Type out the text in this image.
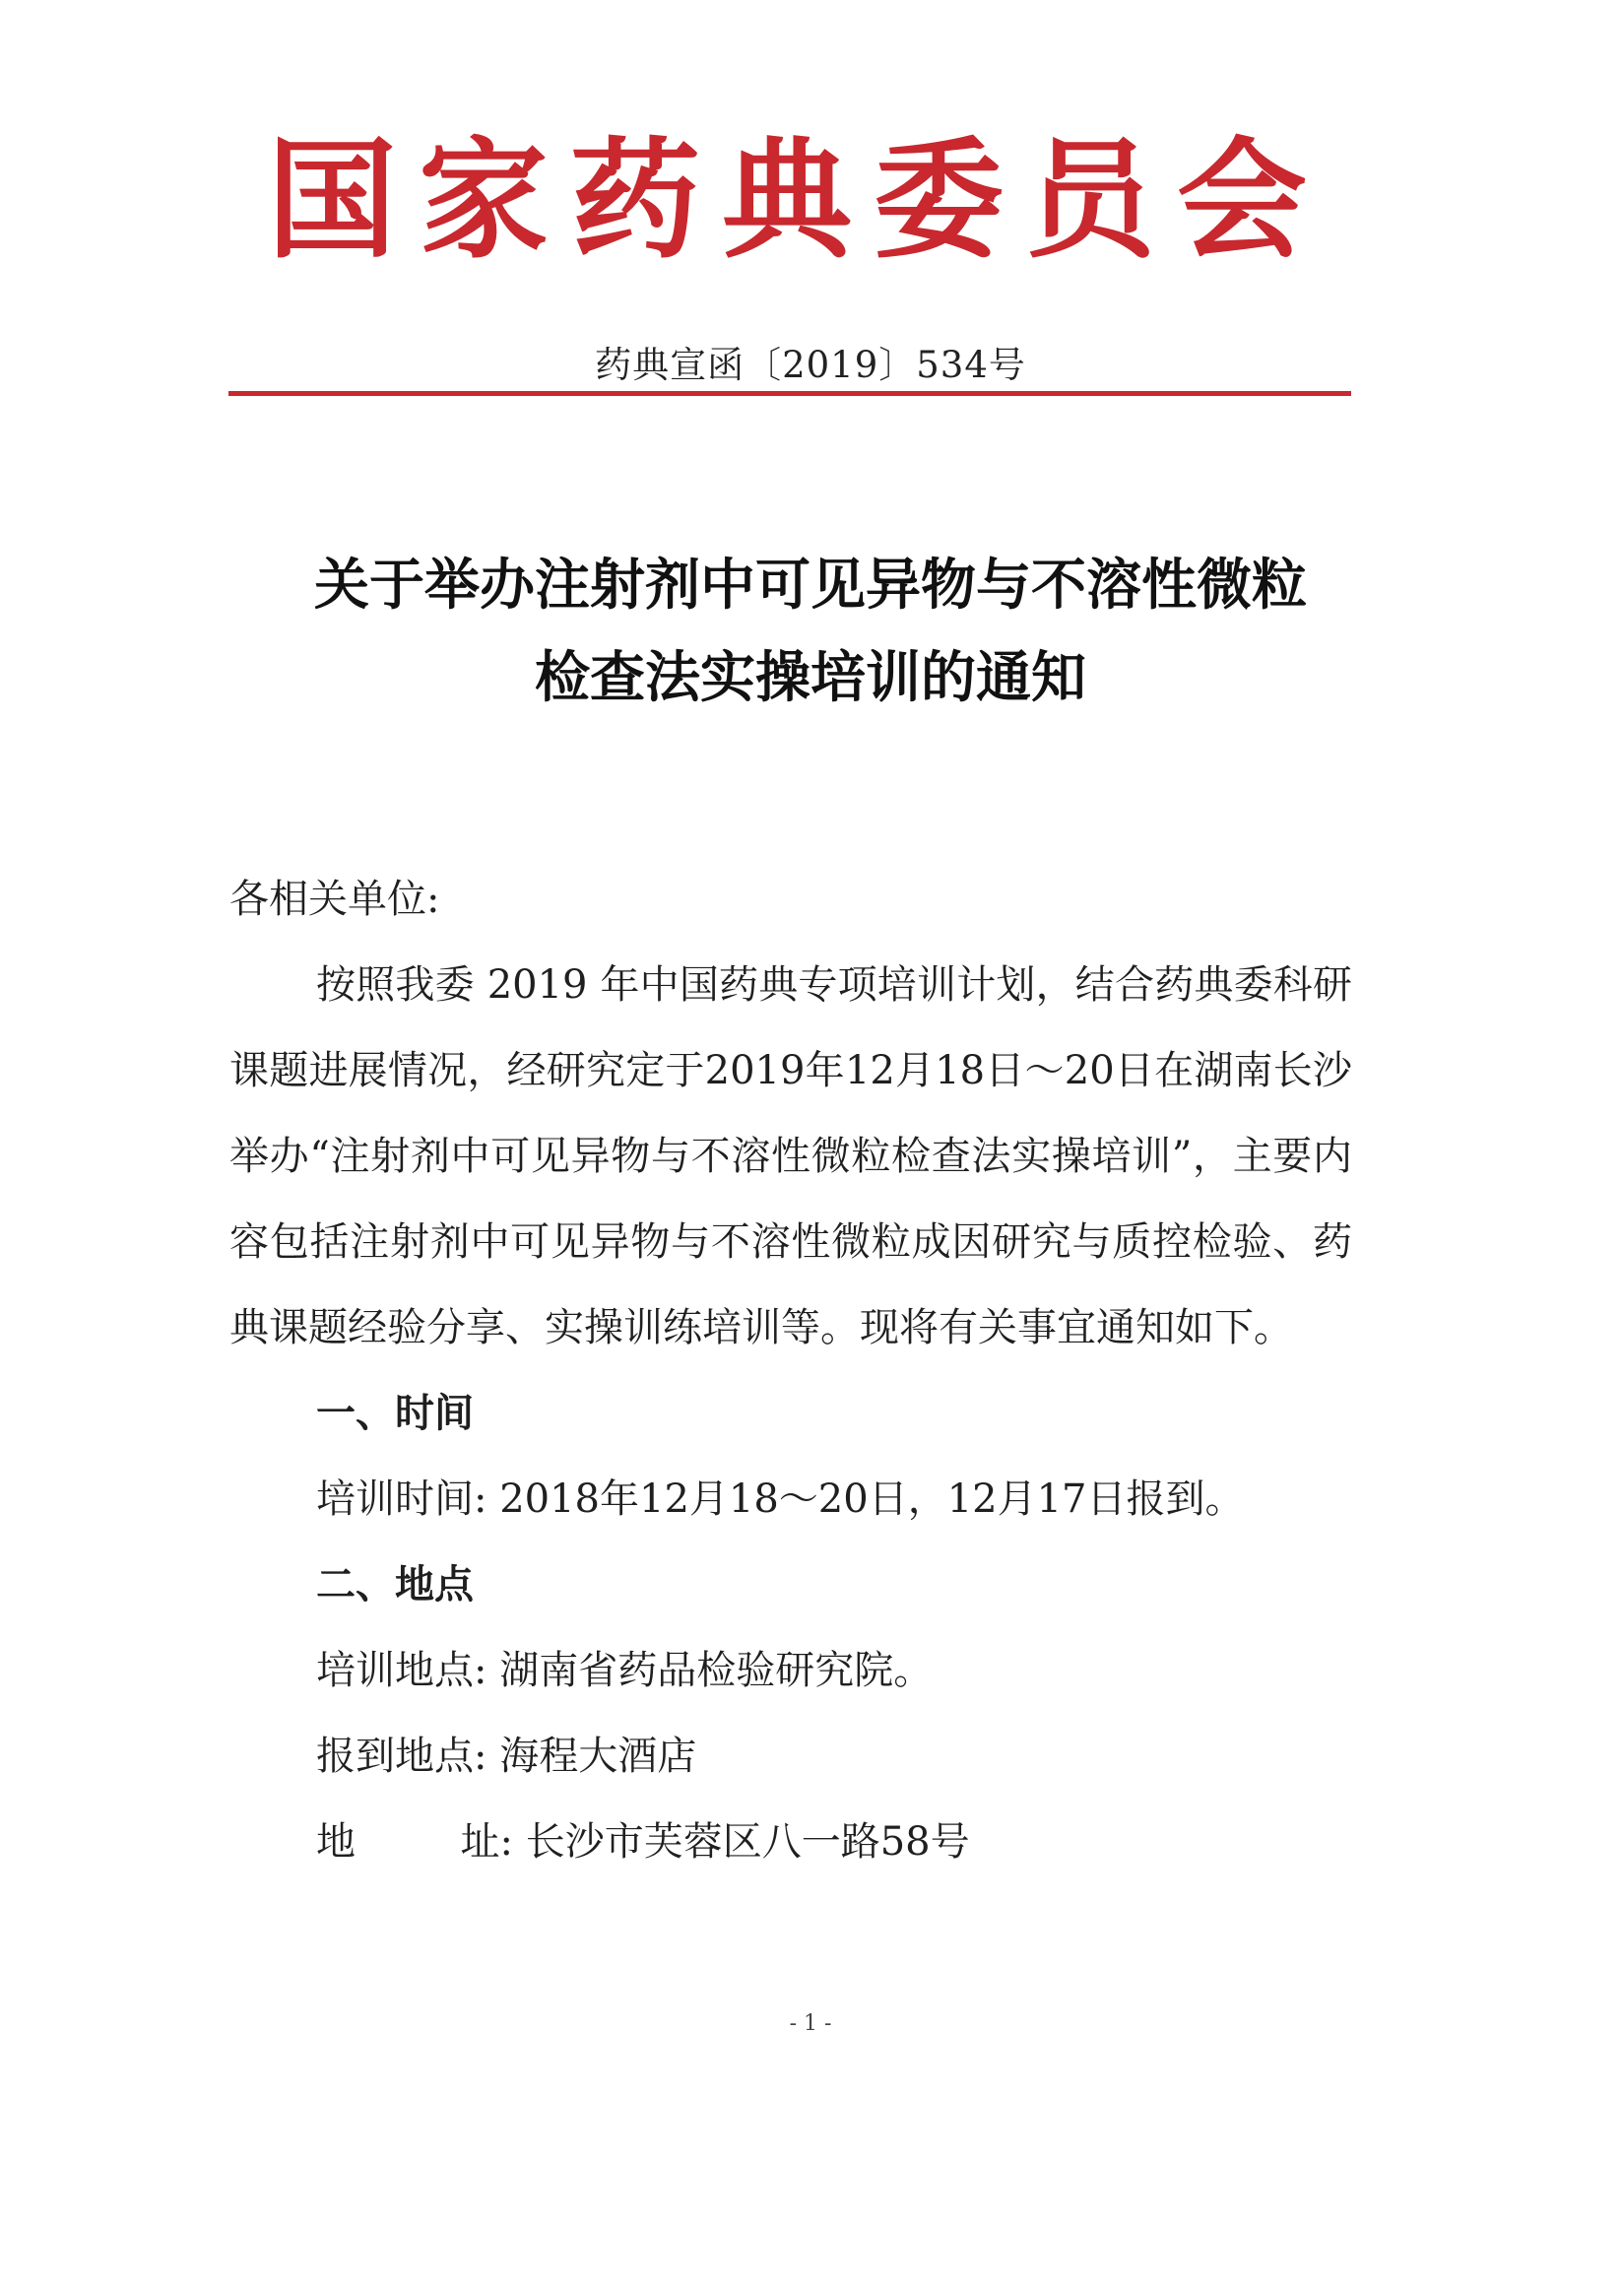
国家药典委员会
药典宣函〔2019〕534号
关于举办注射剂中可见异物与不溶性微粒
检查法实操培训的通知

各相关单位:

按照我委 2019 年中国药典专项培训计划，结合药典委科研课题进展情况，经研究定于2019年12月18日～20日在湖南长沙举办“注射剂中可见异物与不溶性微粒检查法实操培训”，主要内容包括注射剂中可见异物与不溶性微粒成因研究与质控检验、药典课题经验分享、实操训练培训等。现将有关事宜通知如下。

一、时间

培训时间: 2018年12月18～20日，12月17日报到。

二、地点

培训地点: 湖南省药品检验研究院。

报到地点: 海程大酒店

地	址: 长沙市芙蓉区八一路58号

- 1 -
